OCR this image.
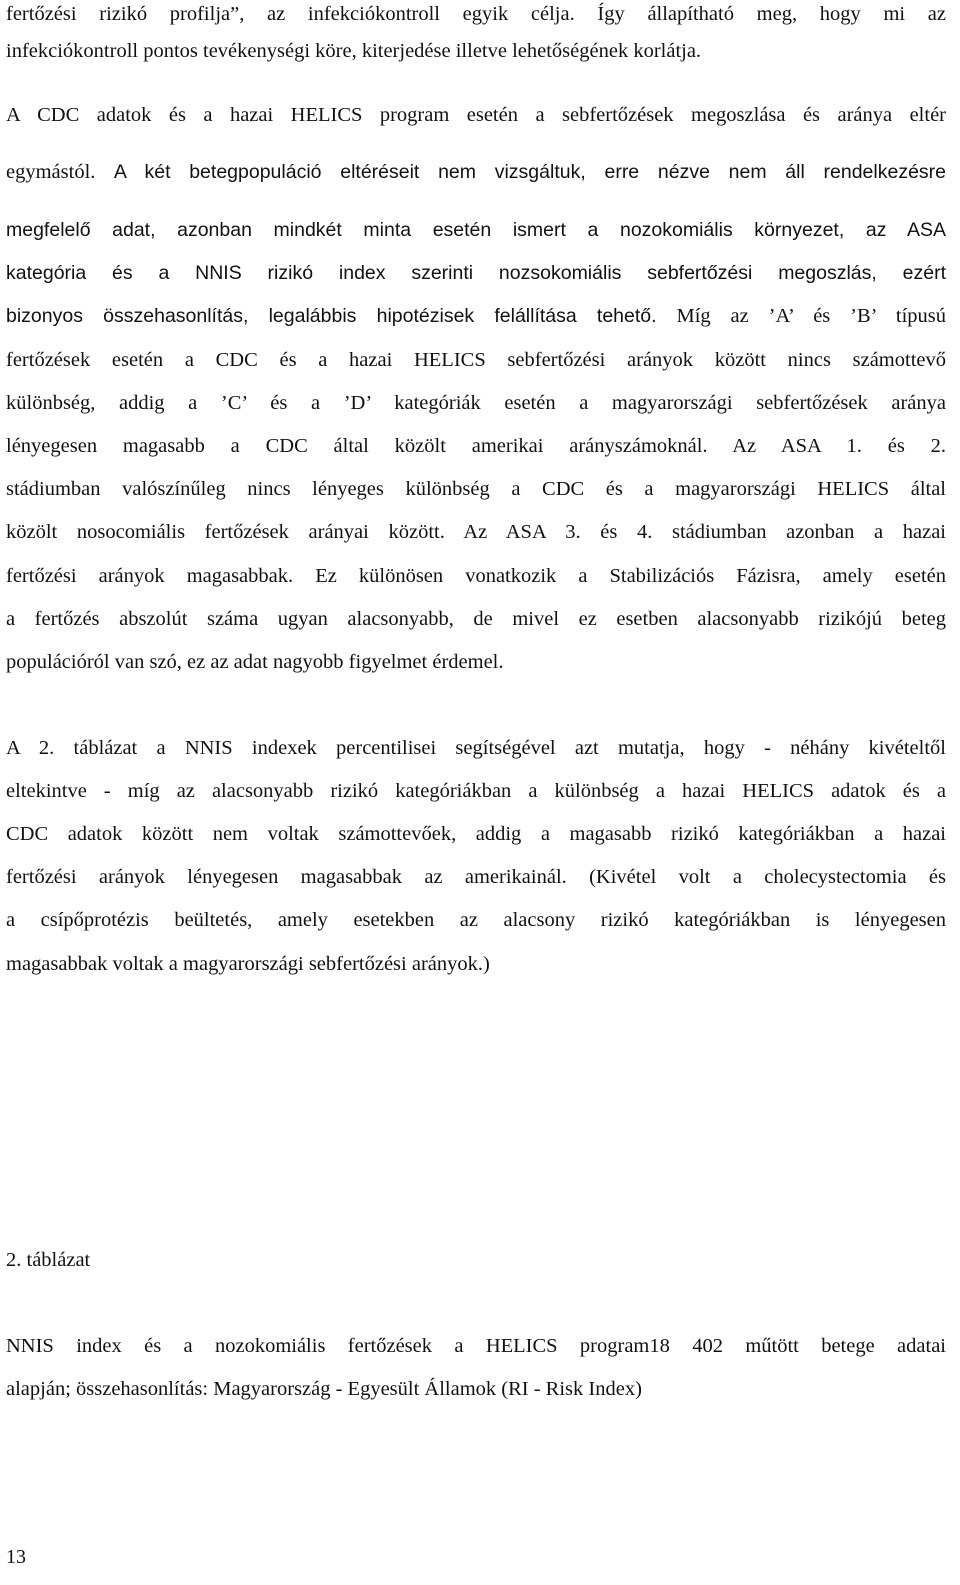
fertőzési rizikó profilja”, az infekciókontroll egyik célja. Így állapítható meg, hogy mi az
infekciókontroll pontos tevékenységi köre, kiterjedése illetve lehetőségének korlátja.
A CDC adatok és a hazai HELICS program esetén a sebfertőzések megoszlása és aránya eltér
egymástól. A két betegpopuláció eltéréseit nem vizsgáltuk, erre nézve nem áll rendelkezésre
megfelelő adat, azonban mindkét minta esetén ismert a nozokomiális környezet, az ASA
kategória és a NNIS rizikó index szerinti nozsokomiális sebfertőzési megoszlás, ezért
bizonyos összehasonlítás, legalábbis hipotézisek felállítása tehető. Míg az ’A’ és ’B’ típusú
fertőzések esetén a CDC és a hazai HELICS sebfertőzési arányok között nincs számottevő
különbség, addig a ’C’ és a ’D’ kategóriák esetén a magyarországi sebfertőzések aránya
lényegesen magasabb a CDC által közölt amerikai arányszámoknál. Az ASA 1. és 2.
stádiumban valószínűleg nincs lényeges különbség a CDC és a magyarországi HELICS által
közölt nosocomiális fertőzések arányai között. Az ASA 3. és 4. stádiumban azonban a hazai
fertőzési arányok magasabbak. Ez különösen vonatkozik a Stabilizációs Fázisra, amely esetén
a fertőzés abszolút száma ugyan alacsonyabb, de mivel ez esetben alacsonyabb rizikójú beteg
populációról van szó, ez az adat nagyobb figyelmet érdemel.
A 2. táblázat a NNIS indexek percentilisei segítségével azt mutatja, hogy - néhány kivételtől
eltekintve - míg az alacsonyabb rizikó kategóriákban a különbség a hazai HELICS adatok és a
CDC adatok között nem voltak számottevőek, addig a magasabb rizikó kategóriákban a hazai
fertőzési arányok lényegesen magasabbak az amerikainál. (Kivétel volt a cholecystectomia és
a csípőprotézis beültetés, amely esetekben az alacsony rizikó kategóriákban is lényegesen
magasabbak voltak a magyarországi sebfertőzési arányok.)
2. táblázat
NNIS index és a nozokomiális fertőzések a HELICS program18 402 műtött betege adatai
alapján; összehasonlítás: Magyarország - Egyesült Államok (RI - Risk Index)
13
